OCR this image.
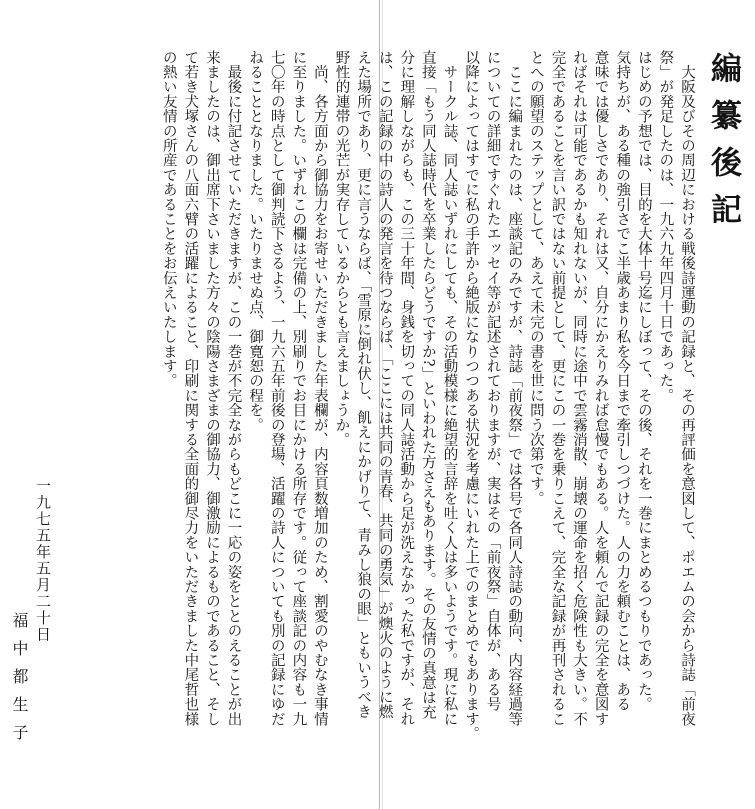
編纂後記

　大阪及びその周辺における戦後詩運動の記録と、その再評価を意図して、ポエムの会から詩誌「前夜

祭」が発足したのは、一九六九年四月十日であった。

はじめの予想では、目的を大体十号迄にしぼって、その後、それを一巻にまとめるつもりであった。

気持ちが、ある種の強引さでこ半歳あまり私を今日まで牽引しつづけた。人の力を頼むことは、ある

意味では優しさであり、それは又、自分にかえりみれば怠慢でもある。人を頼んで記録の完全を意図す

ればそれは可能であるかも知れないが、同時に途中で雲霧消散、崩壊の運命を招く危険性も大きい。不

完全であることを言い訳ではない前提として、更にこの一巻を乗りこえて、完全な記録が再刊されるこ

とへの願望のステップとして、あえて未完の書を世に問う次第です。

　ここに編まれたのは、座談記のみですが、詩誌「前夜祭」では各号で各同人詩誌の動向、内容経過等

についての詳細ですぐれたエッセイ等が記述されておりますが、実はその「前夜祭」自体が、ある号

以降によってはすでに私の手許から絶版になりつつある状況を考慮にいれた上でのまとめでもあります。

　サークル誌、同人誌いずれにしても、その活動模様に絶望的言辞を吐く人は多いようです。現に私に

直接「もう同人誌時代を卒業したらどうですか?」といわれた方さえもあります。その友情の真意は充

分に理解しながらも、この三十年間、身銭を切っての同人誌活動から足が洗えなかった私ですが、それ

は、この記録の中の詩人の発言を待つならば、「ここには共同の青春、共同の勇気」が燠火のように燃

えた場所であり、更に言うならば、「雪原に倒れ伏し、飢えにかげりて、青みし狼の眼」ともいうべき

野性的連帯の光芒が実存しているからとも言えましょうか。

　尚、各方面から御協力をお寄せいただきました年表欄が、内容頁数増加のため、割愛のやむなき事情

に至りました。いずれこの欄は完備の上、別刷りでお目にかける所存です。従って座談記の内容も一九

七〇年の時点として御判読下さるよう、一九六五年前後の登場、活躍の詩人についても別の記録にゆだ

ねることとなりました。いたりませぬ点、御寛恕の程を。

　最後に付記させていただきますが、この一巻が不完全ながらもどこに一応の姿をととのえることが出

来ましたのは、御出席下さいました方々の陰陽さまざまの御協力、御激励によるものであること、そし

て若き犬塚さんの八面六臂の活躍によること、印刷に関する全面的御尽力をいただきました中尾哲也様

の熱い友情の所産であることをお伝えいたします。

一九七五年五月二十日
福中都生子
